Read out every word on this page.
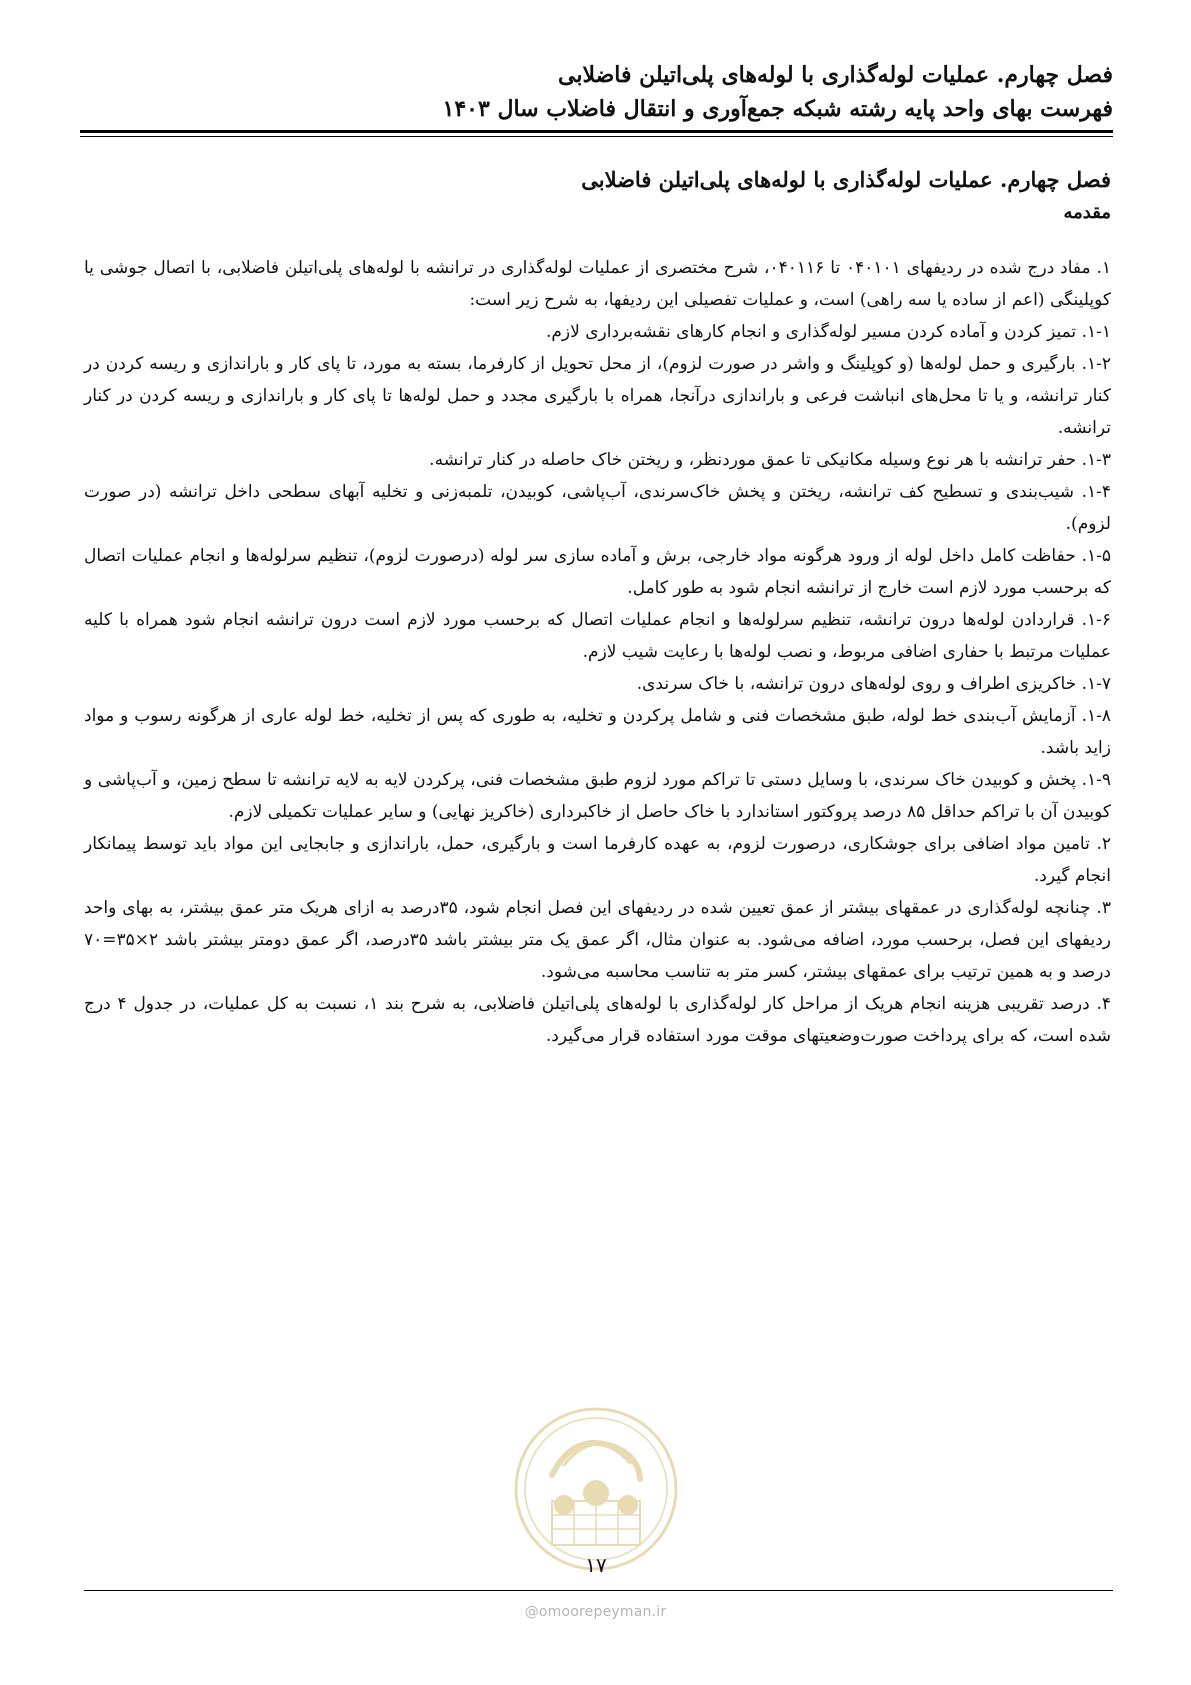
فصل چهارم. عملیات لوله‌گذاری با لوله‌های پلی‌اتیلن فاضلابی
فهرست بهای واحد پایه رشته شبکه جمع‌آوری و انتقال فاضلاب سال ۱۴۰۳
فصل چهارم. عملیات لوله‌گذاری با لوله‌های پلی‌اتیلن فاضلابی
مقدمه

۱. مفاد درج شده در ردیفهای ۰۴۰۱۰۱ تا ۰۴۰۱۱۶، شرح مختصری از عملیات لوله‌گذاری در ترانشه با لوله‌های پلی‌اتیلن فاضلابی، با اتصال جوشی یا کوپلینگی (اعم از ساده یا سه راهی) است، و عملیات تفصیلی این ردیفها، به شرح زیر است:

۱-۱. تمیز کردن و آماده کردن مسیر لوله‌گذاری و انجام کارهای نقشه‌برداری لازم.

۱-۲. بارگیری و حمل لوله‌ها (و کوپلینگ و واشر در صورت لزوم)، از محل تحویل از کارفرما، بسته به مورد، تا پای کار و باراندازی و ریسه کردن در کنار ترانشه، و یا تا محل‌های انباشت فرعی و باراندازی درآنجا، همراه با بارگیری مجدد و حمل لوله‌ها تا پای کار و باراندازی و ریسه کردن در کنار ترانشه.

۱-۳. حفر ترانشه با هر نوع وسیله مکانیکی تا عمق موردنظر، و ریختن خاک حاصله در کنار ترانشه.

۱-۴. شیب‌بندی و تسطیح کف ترانشه، ریختن و پخش خاک‌سرندی، آب‌پاشی، کوبیدن، تلمبه‌زنی و تخلیه آبهای سطحی داخل ترانشه (در صورت لزوم).

۱-۵. حفاظت کامل داخل لوله از ورود هرگونه مواد خارجی، برش و آماده سازی سر لوله (درصورت لزوم)، تنظیم سرلوله‌ها و انجام عملیات اتصال که برحسب مورد لازم است خارج از ترانشه انجام شود به طور کامل.

۱-۶. قراردادن لوله‌ها درون ترانشه، تنظیم سرلوله‌ها و انجام عملیات اتصال که برحسب مورد لازم است درون ترانشه انجام شود همراه با کلیه عملیات مرتبط با حفاری اضافی مربوط، و نصب لوله‌ها با رعایت شیب لازم.

۱-۷. خاکریزی اطراف و روی لوله‌های درون ترانشه، با خاک سرندی.

۱-۸. آزمایش آب‌بندی خط لوله، طبق مشخصات فنی و شامل پرکردن و تخلیه، به طوری که پس از تخلیه، خط لوله عاری از هرگونه رسوب و مواد زاید باشد.

۱-۹. پخش و کوبیدن خاک سرندی، با وسایل دستی تا تراکم مورد لزوم طبق مشخصات فنی، پرکردن لایه به لایه ترانشه تا سطح زمین، و آب‌پاشی و کوبیدن آن با تراکم حداقل ۸۵ درصد پروکتور استاندارد با خاک حاصل از خاکبرداری (خاکریز نهایی) و سایر عملیات تکمیلی لازم.

۲. تامین مواد اضافی برای جوشکاری، درصورت لزوم، به عهده کارفرما است و بارگیری، حمل، باراندازی و جابجایی این مواد باید توسط پیمانکار انجام گیرد.

۳. چنانچه لوله‌گذاری در عمقهای بیشتر از عمق تعیین شده در ردیفهای این فصل انجام شود، ۳۵درصد به ازای هریک متر عمق بیشتر، به بهای واحد ردیفهای این فصل، برحسب مورد، اضافه می‌شود. به عنوان مثال، اگر عمق یک متر بیشتر باشد ۳۵درصد، اگر عمق دومتر بیشتر باشد ۲×۳۵=۷۰ درصد و به همین ترتیب برای عمقهای بیشتر، کسر متر به تناسب محاسبه می‌شود.

۴. درصد تقریبی هزینه انجام هریک از مراحل کار لوله‌گذاری با لوله‌های پلی‌اتیلن فاضلابی، به شرح بند ۱، نسبت به کل عملیات، در جدول ۴ درج شده است، که برای پرداخت صورت‌وضعیتهای موقت مورد استفاده قرار می‌گیرد.

۱۷
@omoorepeyman.ir
